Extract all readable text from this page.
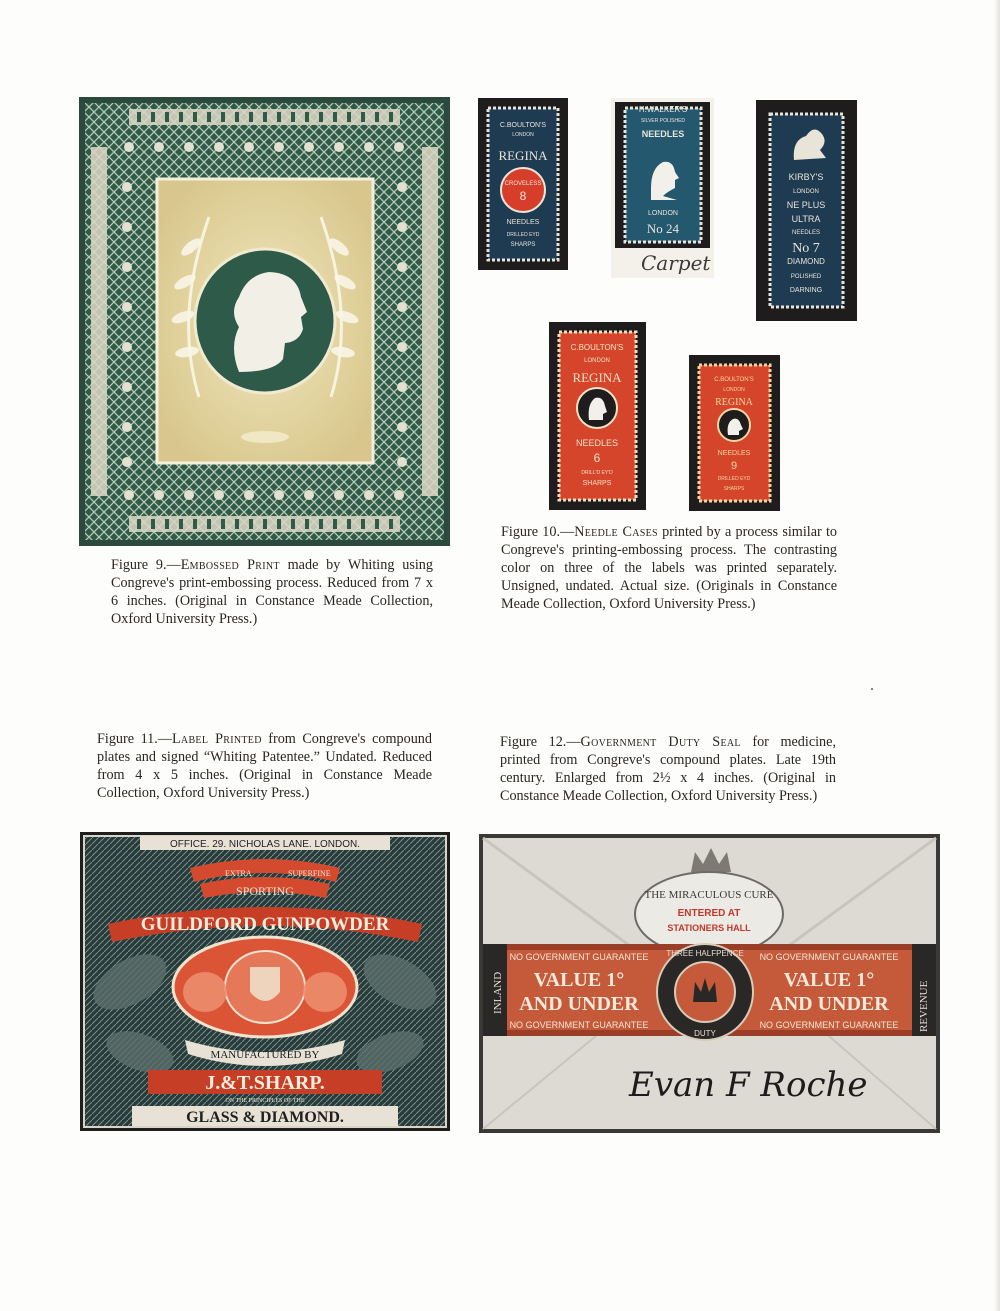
Figure 9.—Embossed Print made by Whiting using Congreve's print-embossing process. Reduced from 7 x 6 inches. (Original in Constance Meade Collection, Oxford University Press.)

C.BOULTON'S
LONDON
REGINA
CROVELESS
8
NEEDLES
DRILLED EYD
SHARPS
H.WALKER'S
SILVER POLISHED
NEEDLES
LONDON
No 24
Carpet
KIRBY'S
LONDON
NE PLUS
ULTRA
NEEDLES
No 7
DIAMOND
POLISHED
DARNING
C.BOULTON'S
LONDON
REGINA
NEEDLES
6
DRILL'D EY'D
SHARPS
C.BOULTON'S
LONDON
REGINA
NEEDLES
9
DRILLED EYD
SHARPS

Figure 10.—Needle Cases printed by a process similar to Congreve's printing-embossing process. The contrasting color on three of the labels was printed separately. Unsigned, undated. Actual size. (Originals in Constance Meade Collection, Oxford University Press.)

Figure 11.—Label Printed from Congreve's compound plates and signed “Whiting Patentee.” Undated. Reduced from 4 x 5 inches. (Original in Constance Meade Collection, Oxford University Press.)

Figure 12.—Government Duty Seal for medicine, printed from Congreve's compound plates. Late 19th century. Enlarged from 2½ x 4 inches. (Original in Constance Meade Collection, Oxford University Press.)

OFFICE. 29. NICHOLAS LANE. LONDON.
EXTRA	SUPERFINE
SPORTING
GUILDFORD GUNPOWDER
MANUFACTURED BY
J.&T.SHARP.
ON THE PRINCIPLES OF THE
GLASS & DIAMOND.
THE MIRACULOUS CURE
ENTERED AT
STATIONERS HALL
INLAND	REVENUE
NO GOVERNMENT GUARANTEE	NO GOVERNMENT GUARANTEE
NO GOVERNMENT GUARANTEE	NO GOVERNMENT GUARANTEE
VALUE 1°
AND UNDER
VALUE 1°
AND UNDER
THREE HALFPENCE
DUTY
Evan F Roche
